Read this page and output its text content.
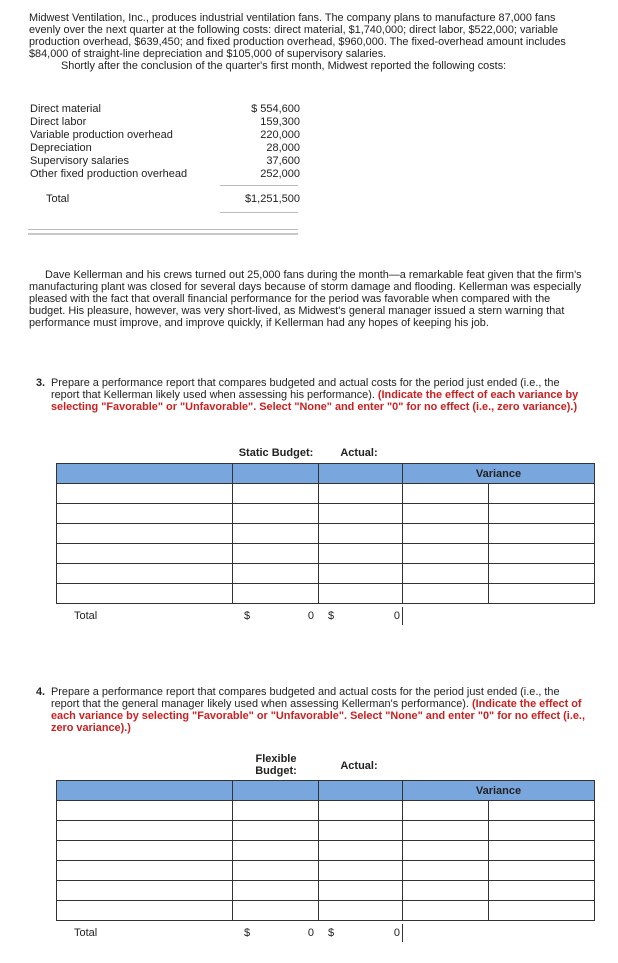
Midwest Ventilation, Inc., produces industrial ventilation fans. The company plans to manufacture 87,000 fans evenly over the next quarter at the following costs: direct material, $1,740,000; direct labor, $522,000; variable production overhead, $639,450; and fixed production overhead, $960,000. The fixed-overhead amount includes $84,000 of straight-line depreciation and $105,000 of supervisory salaries.
Shortly after the conclusion of the quarter's first month, Midwest reported the following costs:
Direct material	$ 554,600
Direct labor	159,300
Variable production overhead	220,000
Depreciation	28,000
Supervisory salaries	37,600
Other fixed production overhead	252,000
Total	$1,251,500
Dave Kellerman and his crews turned out 25,000 fans during the month—a remarkable feat given that the firm's manufacturing plant was closed for several days because of storm damage and flooding. Kellerman was especially pleased with the fact that overall financial performance for the period was favorable when compared with the budget. His pleasure, however, was very short-lived, as Midwest's general manager issued a stern warning that performance must improve, and improve quickly, if Kellerman had any hopes of keeping his job.
3. Prepare a performance report that compares budgeted and actual costs for the period just ended (i.e., the report that Kellerman likely used when assessing his performance). (Indicate the effect of each variance by selecting "Favorable" or "Unfavorable". Select "None" and enter "0" for no effect (i.e., zero variance).)
Static Budget:	Actual:
			Variance	

Total	$	0 $	0
4. Prepare a performance report that compares budgeted and actual costs for the period just ended (i.e., the report that the general manager likely used when assessing Kellerman's performance). (Indicate the effect of each variance by selecting "Favorable" or "Unfavorable". Select "None" and enter "0" for no effect (i.e., zero variance).)
Flexible
Budget:	Actual:
			Variance	

Total	$	0 $	0
